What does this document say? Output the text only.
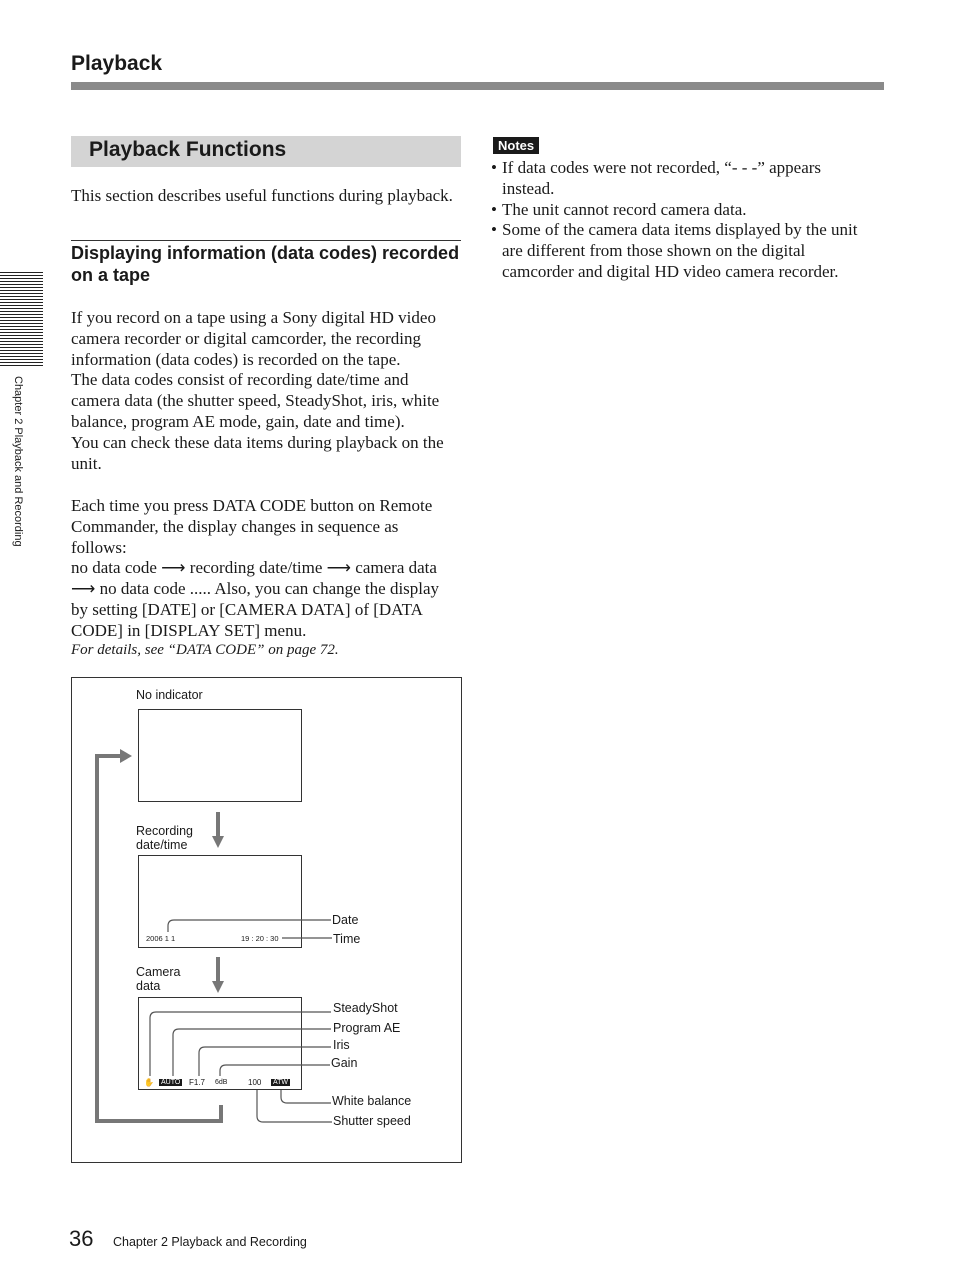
Playback
Playback Functions
This section describes useful functions during playback.
Displaying information (data codes) recorded on a tape
If you record on a tape using a Sony digital HD video
camera recorder or digital camcorder, the recording
information (data codes) is recorded on the tape.
The data codes consist of recording date/time and
camera data (the shutter speed, SteadyShot, iris, white
balance, program AE mode, gain, date and time).
You can check these data items during playback on the
unit.
Each time you press DATA CODE button on Remote
Commander, the display changes in sequence as
follows:
no data code ⟶ recording date/time ⟶ camera data
⟶ no data code ..... Also, you can change the display
by setting [DATE] or [CAMERA DATA] of [DATA
CODE] in [DISPLAY SET] menu.
For details, see “DATA CODE” on page 72.
No indicator
Recording
date/time
2006 1 1	19 : 20 : 30
Camera
data
✋ AUTO F1.7 6dB	100 ATW
Date
Time
SteadyShot
Program AE
Iris
Gain
White balance
Shutter speed
Notes
• If data codes were not recorded, “- - -” appears
instead.
• The unit cannot record camera data.
• Some of the camera data items displayed by the unit
are different from those shown on the digital
camcorder and digital HD video camera recorder.
Chapter 2 Playback and Recording
36 Chapter 2 Playback and Recording
